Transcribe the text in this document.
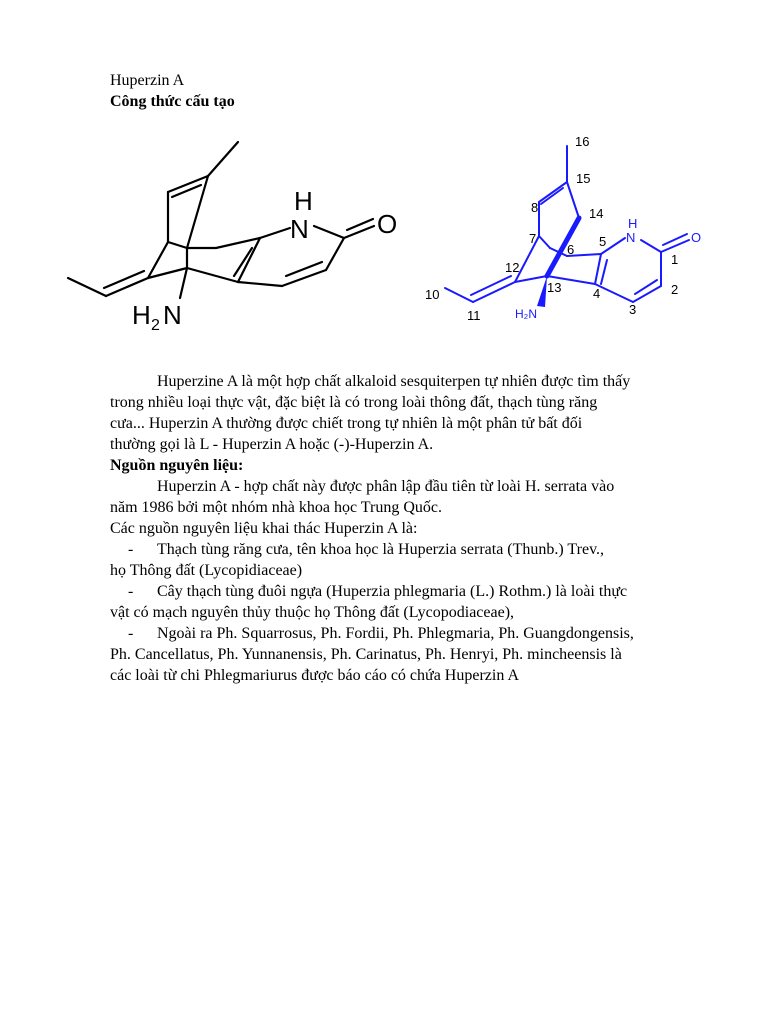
Huperzin A
Công thức cấu tạo
H
N	O
H 2 N
16
15
8	14
7	5
6
12
13 4
1
2
3
10
11
H
N	O
H₂N
Huperzine A là một hợp chất alkaloid sesquiterpen tự nhiên được tìm thấy
trong nhiều loại thực vật, đặc biệt là có trong loài thông đất, thạch tùng răng
cưa... Huperzin A thường được chiết trong tự nhiên là một phân tử bất đối
thường gọi là L - Huperzin A hoặc (-)-Huperzin A.
Nguồn nguyên liệu:
Huperzin A - hợp chất này được phân lập đầu tiên từ loài H. serrata vào
năm 1986 bởi một nhóm nhà khoa học Trung Quốc.
Các nguồn nguyên liệu khai thác Huperzin A là:
- Thạch tùng răng cưa, tên khoa học là Huperzia serrata (Thunb.) Trev.,
họ Thông đất (Lycopidiaceae)
- Cây thạch tùng đuôi ngựa (Huperzia phlegmaria (L.) Rothm.) là loài thực
vật có mạch nguyên thủy thuộc họ Thông đất (Lycopodiaceae),
- Ngoài ra Ph. Squarrosus, Ph. Fordii, Ph. Phlegmaria, Ph. Guangdongensis,
Ph. Cancellatus, Ph. Yunnanensis, Ph. Carinatus, Ph. Henryi, Ph. mincheensis là
các loài từ chi Phlegmariurus được báo cáo có chứa Huperzin A
